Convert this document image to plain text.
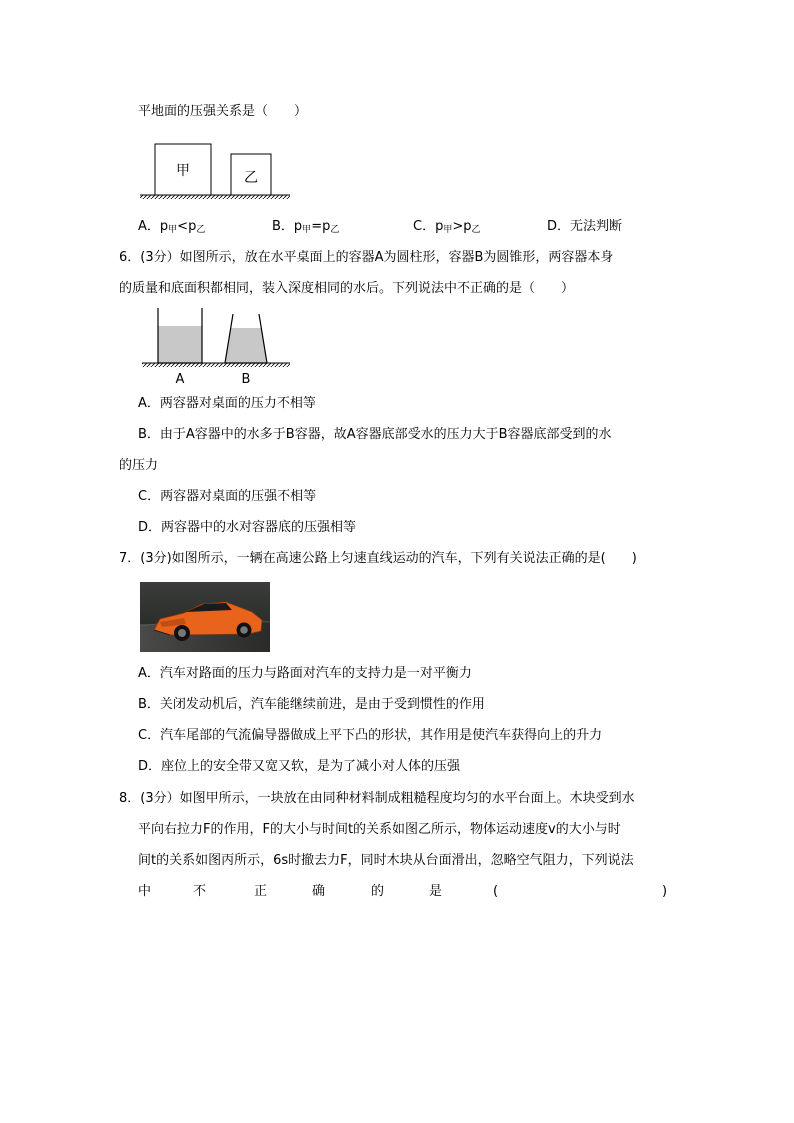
平地面的压强关系是（　　）
甲	乙
A．$p_甲<p_乙$	B．$p_甲=p_乙$	C．$p_甲>p_乙$	D．无法判断
6．(3分）如图所示，放在水平桌面上的容器A为圆柱形，容器B为圆锥形，两容器本身
的质量和底面积都相同，装入深度相同的水后。下列说法中不正确的是（　　）
A	B
A．两容器对桌面的压力不相等
B．由于A容器中的水多于B容器，故A容器底部受水的压力大于B容器底部受到的水
的压力
C．两容器对桌面的压强不相等
D．两容器中的水对容器底的压强相等
7．(3分)如图所示，一辆在高速公路上匀速直线运动的汽车，下列有关说法正确的是(　　)
A．汽车对路面的压力与路面对汽车的支持力是一对平衡力
B．关闭发动机后，汽车能继续前进，是由于受到惯性的作用
C．汽车尾部的气流偏导器做成上平下凸的形状，其作用是使汽车获得向上的升力
D．座位上的安全带又宽又软，是为了减小对人体的压强
8．(3分）如图甲所示，一块放在由同种材料制成粗糙程度均匀的水平台面上。木块受到水
平向右拉力F的作用，F的大小与时间t的关系如图乙所示，物体运动速度v的大小与时
间t的关系如图丙所示，6s时撤去力F，同时木块从台面滑出，忽略空气阻力，下列说法
中	不	正	确	的	是	(	)
